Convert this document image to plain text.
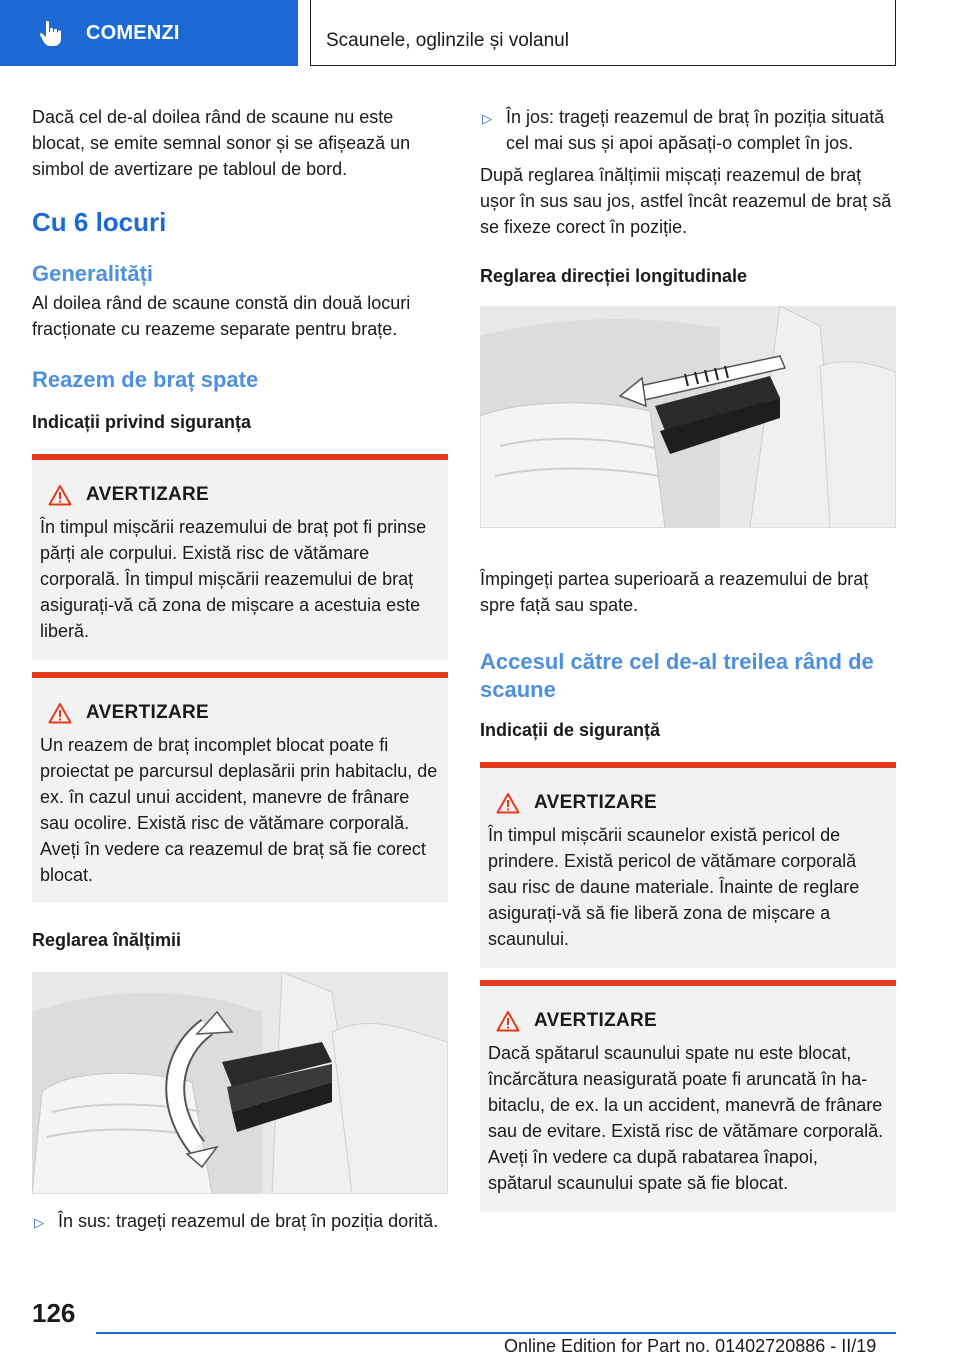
COMENZI	Scaunele, oglinzile și volanul

Dacă cel de-al doilea rând de scaune nu este blocat, se emite semnal sonor și se afișează un simbol de avertizare pe tabloul de bord.

Cu 6 locuri
Generalități

Al doilea rând de scaune constă din două locuri fracționate cu reazeme separate pentru brațe.

Reazem de braț spate
Indicații privind siguranța
AVERTIZARE

În timpul mișcării reazemului de braț pot fi prinse părți ale corpului. Există risc de vătămare corporală. În timpul mișcării reazemului de braț asigurați-vă că zona de mișcare a acestuia este liberă.

AVERTIZARE

Un reazem de braț incomplet blocat poate fi proiectat pe parcursul deplasării prin habitaclu, de ex. în cazul unui accident, manevre de frânare sau ocolire. Există risc de vătămare corporală. Aveți în vedere ca reazemul de braț să fie corect blocat.

Reglarea înălțimii
▷ În sus: trageți reazemul de braț în poziția dorită.
▷ În jos: trageți reazemul de braț în poziția situată cel mai sus și apoi apăsați-o complet în jos.

După reglarea înălțimii mișcați reazemul de braț ușor în sus sau jos, astfel încât reazemul de braț să se fixeze corect în poziție.

Reglarea direcției longitudinale

Împingeți partea superioară a reazemului de braț spre față sau spate.

Accesul către cel de-al treilea rând de scaune
Indicații de siguranță
AVERTIZARE

În timpul mișcării scaunelor există pericol de prindere. Există pericol de vătămare corporală sau risc de daune materiale. Înainte de reglare asigurați-vă să fie liberă zona de mișcare a scaunului.

AVERTIZARE

Dacă spătarul scaunului spate nu este blocat, încărcătura neasigurată poate fi aruncată în habitaclu, de ex. la un accident, manevră de frânare sau de evitare. Există risc de vătămare corporală. Aveți în vedere ca după rabatarea înapoi, spătarul scaunului spate să fie blocat.

126
Online Edition for Part no. 01402720886 - II/19
